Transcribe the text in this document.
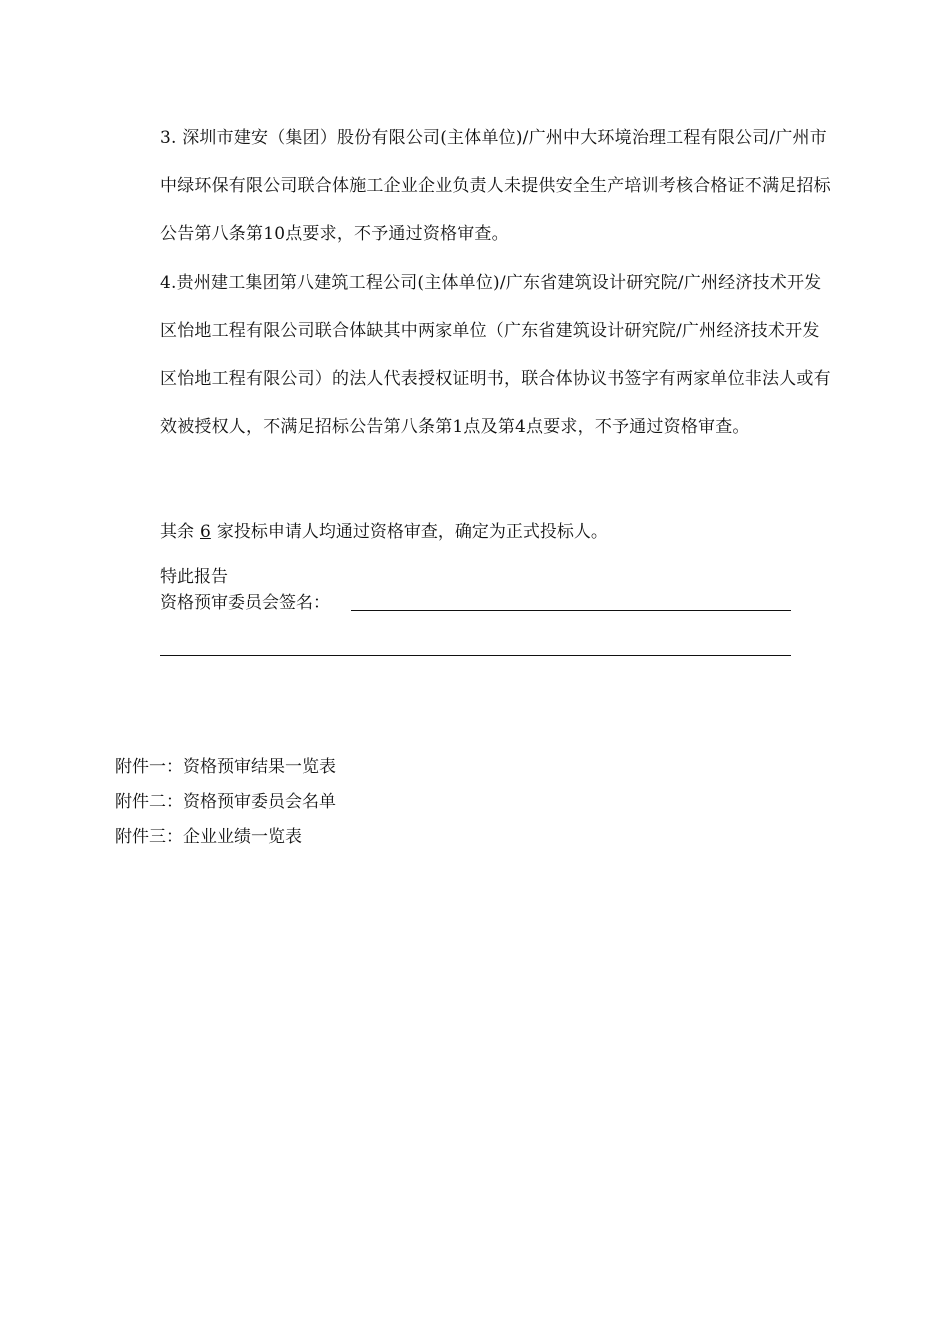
3. 深圳市建安（集团）股份有限公司(主体单位)/广州中大环境治理工程有限公司/广州市中绿环保有限公司联合体施工企业企业负责人未提供安全生产培训考核合格证不满足招标公告第八条第10点要求，不予通过资格审查。

4.贵州建工集团第八建筑工程公司(主体单位)/广东省建筑设计研究院/广州经济技术开发区怡地工程有限公司联合体缺其中两家单位（广东省建筑设计研究院/广州经济技术开发区怡地工程有限公司）的法人代表授权证明书，联合体协议书签字有两家单位非法人或有效被授权人，不满足招标公告第八条第1点及第4点要求，不予通过资格审查。

其余 6 家投标申请人均通过资格审查，确定为正式投标人。

特此报告

资格预审委员会签名：

附件一：资格预审结果一览表
附件二：资格预审委员会名单
附件三：企业业绩一览表
